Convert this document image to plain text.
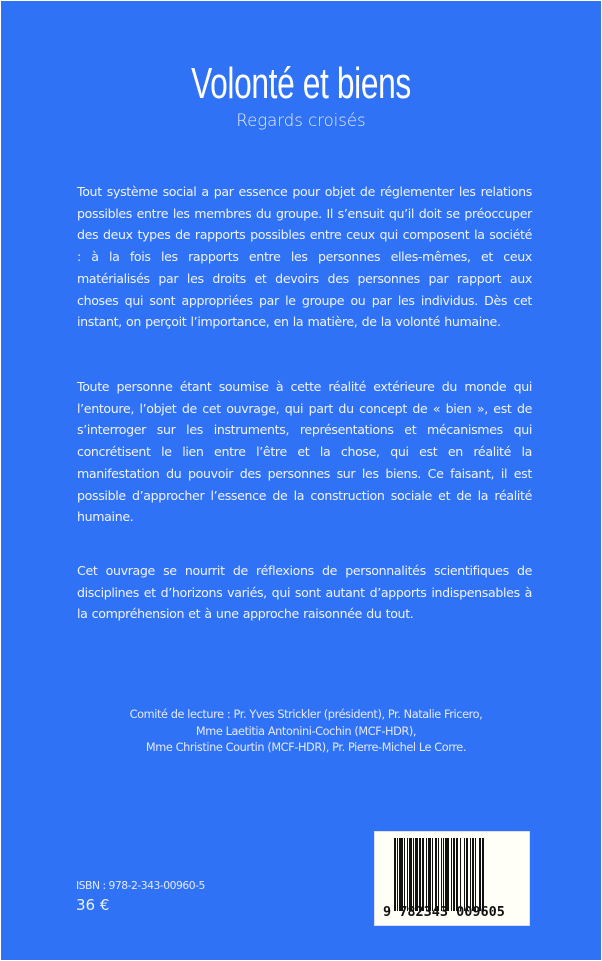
Volonté et biens
Regards croisés

Tout système social a par essence pour objet de réglementer les relations possibles entre les membres du groupe. Il s’ensuit qu’il doit se préoccuper des deux types de rapports possibles entre ceux qui composent la société : à la fois les rapports entre les personnes elles-mêmes, et ceux matérialisés par les droits et devoirs des personnes par rapport aux choses qui sont appropriées par le groupe ou par les individus. Dès cet instant, on perçoit l’importance, en la matière, de la volonté humaine.

Toute personne étant soumise à cette réalité extérieure du monde qui l’entoure, l’objet de cet ouvrage, qui part du concept de « bien », est de s’interroger sur les instruments, représentations et mécanismes qui concrétisent le lien entre l’être et la chose, qui est en réalité la manifestation du pouvoir des personnes sur les biens. Ce faisant, il est possible d’approcher l’essence de la construction sociale et de la réalité humaine.

Cet ouvrage se nourrit de réflexions de personnalités scientifiques de disciplines et d’horizons variés, qui sont autant d’apports indispensables à la compréhension et à une approche raisonnée du tout.

Comité de lecture : Pr. Yves Strickler (président), Pr. Natalie Fricero,
Mme Laetitia Antonini-Cochin (MCF-HDR),
Mme Christine Courtin (MCF-HDR), Pr. Pierre-Michel Le Corre.
ISBN : 978-2-343-00960-5
36 €	9 782343 009605
